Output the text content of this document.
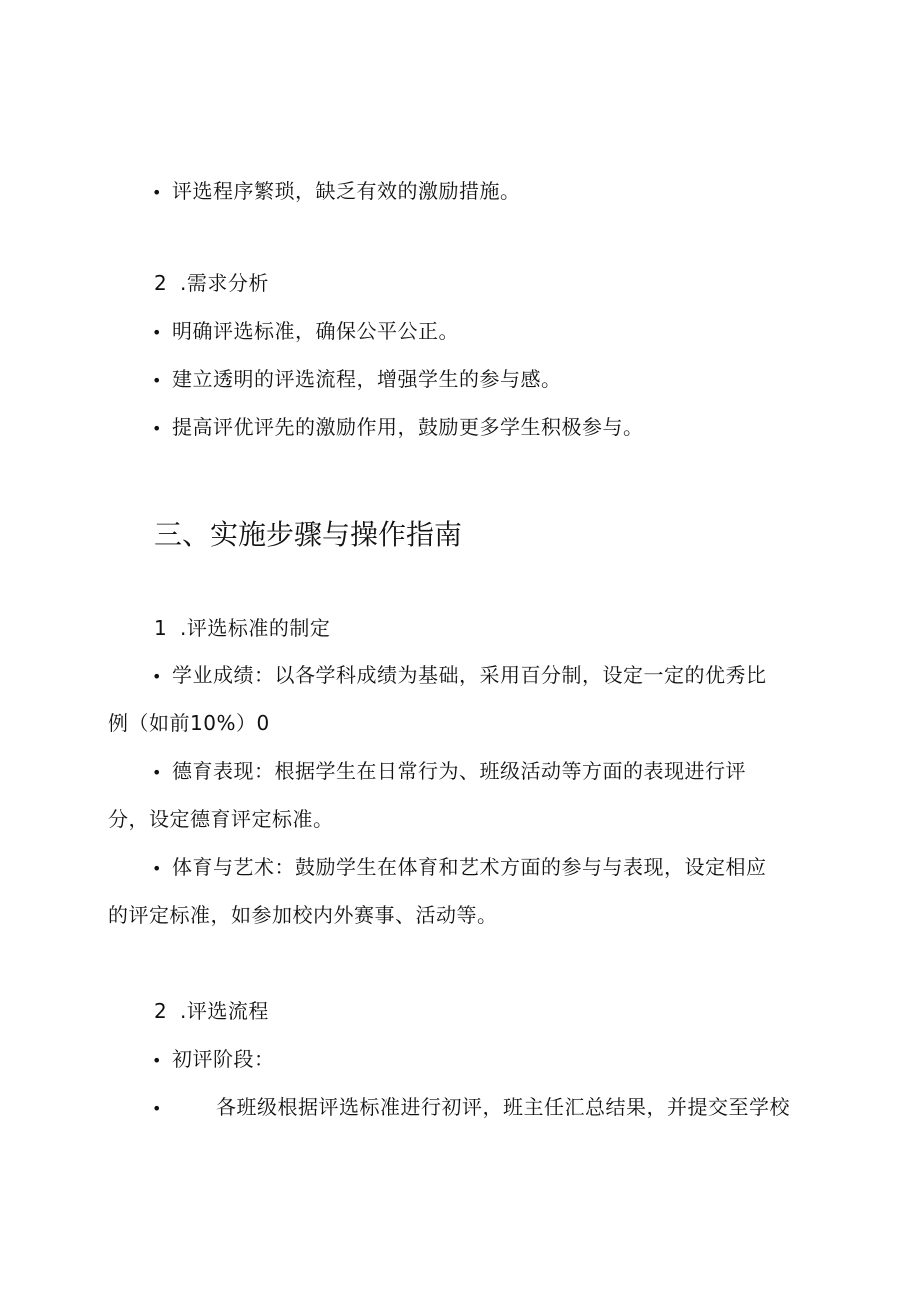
• 评选程序繁琐，缺乏有效的激励措施。
2 .需求分析
• 明确评选标准，确保公平公正。
• 建立透明的评选流程，增强学生的参与感。
• 提高评优评先的激励作用，鼓励更多学生积极参与。
三、实施步骤与操作指南
1 .评选标准的制定
• 学业成绩：以各学科成绩为基础，采用百分制，设定一定的优秀比
例（如前10%）0
• 德育表现：根据学生在日常行为、班级活动等方面的表现进行评
分，设定德育评定标准。
• 体育与艺术：鼓励学生在体育和艺术方面的参与与表现，设定相应
的评定标准，如参加校内外赛事、活动等。
2 .评选流程
• 初评阶段：
•	各班级根据评选标准进行初评，班主任汇总结果，并提交至学校
